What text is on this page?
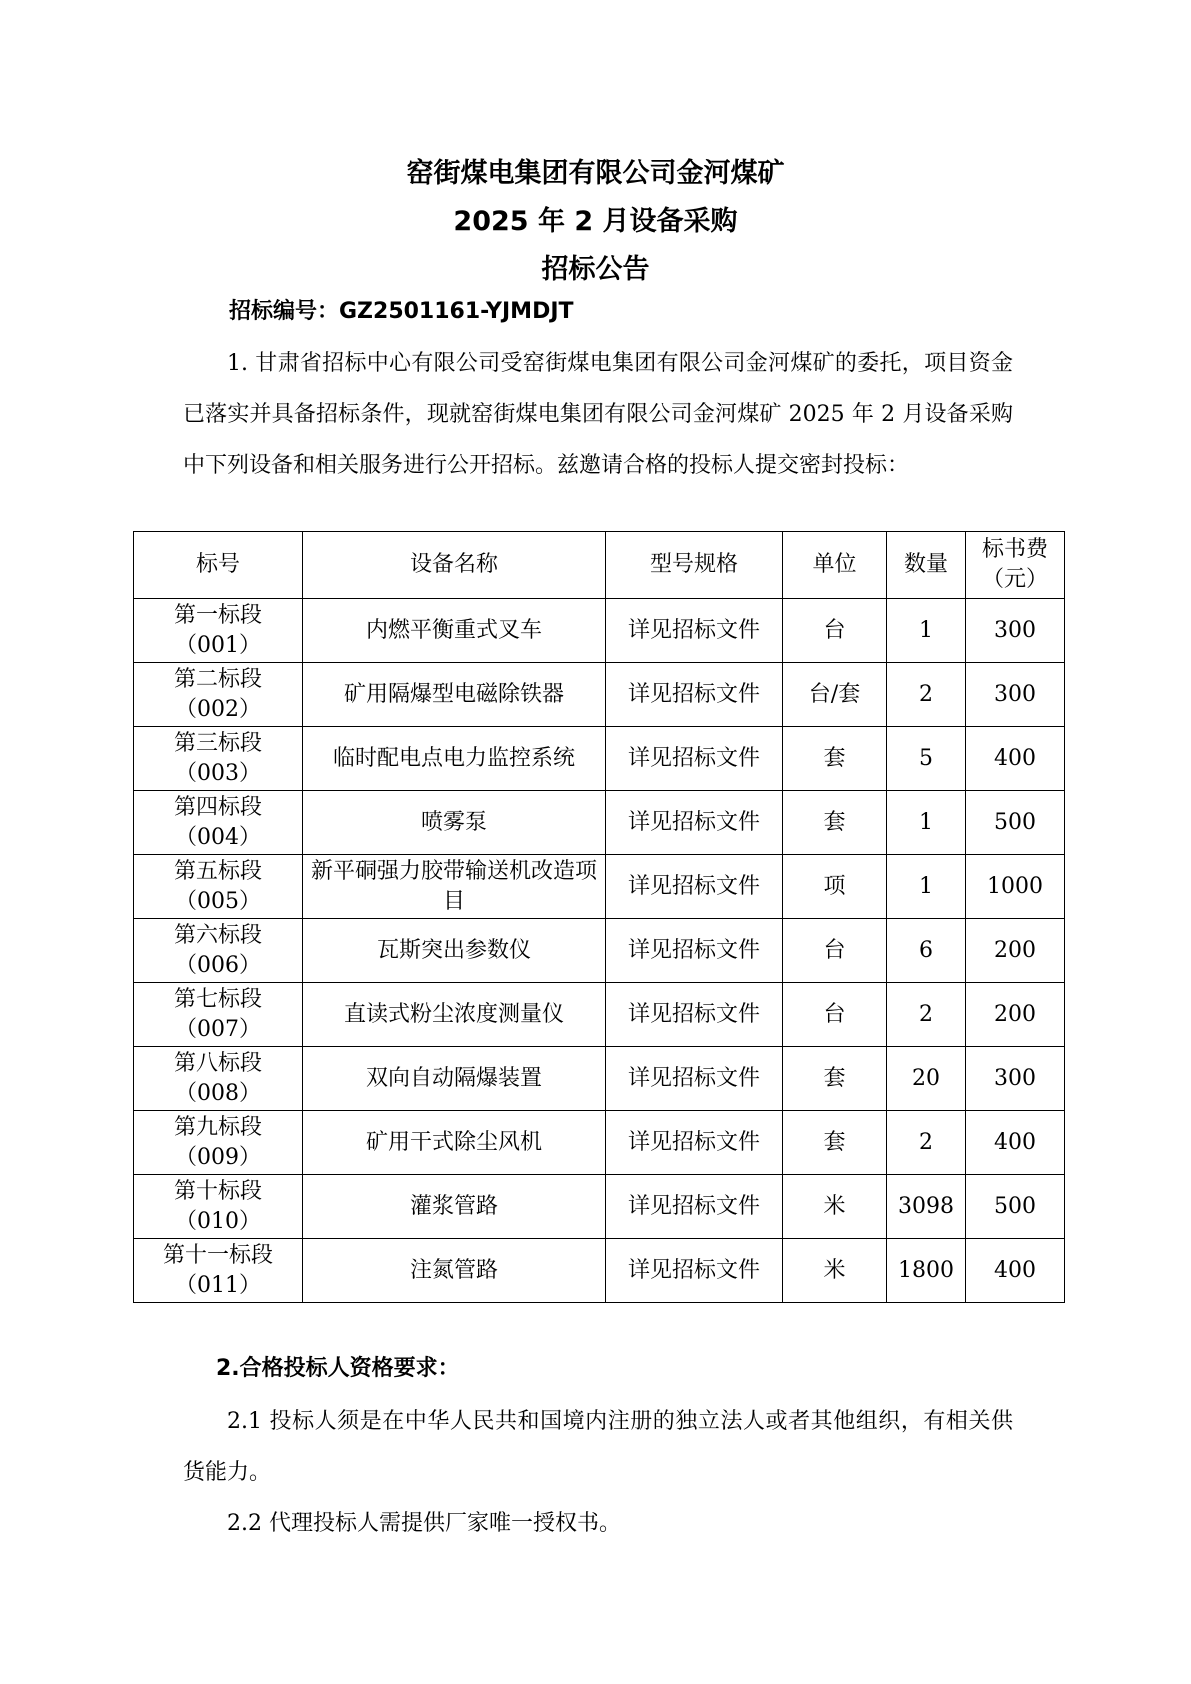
窑街煤电集团有限公司金河煤矿
2025 年 2 月设备采购
招标公告
招标编号：GZ2501161-YJMDJT
1. 甘肃省招标中心有限公司受窑街煤电集团有限公司金河煤矿的委托，项目资金已落实并具备招标条件，现就窑街煤电集团有限公司金河煤矿 2025 年 2 月设备采购中下列设备和相关服务进行公开招标。兹邀请合格的投标人提交密封投标：
标号	设备名称	型号规格	单位	数量	标书费（元）

第一标段
（001）	内燃平衡重式叉车	详见招标文件	台	1	300

第二标段
（002）	矿用隔爆型电磁除铁器	详见招标文件	台/套	2	300

第三标段
（003）	临时配电点电力监控系统	详见招标文件	套	5	400

第四标段
（004）	喷雾泵	详见招标文件	套	1	500

第五标段
（005）	新平硐强力胶带输送机改造项目	详见招标文件	项	1	1000

第六标段
（006）	瓦斯突出参数仪	详见招标文件	台	6	200

第七标段
（007）	直读式粉尘浓度测量仪	详见招标文件	台	2	200

第八标段
（008）	双向自动隔爆装置	详见招标文件	套	20	300

第九标段
（009）	矿用干式除尘风机	详见招标文件	套	2	400

第十标段
（010）	灌浆管路	详见招标文件	米	3098	500

第十一标段
（011）	注氮管路	详见招标文件	米	1800	400
2.合格投标人资格要求：
2.1 投标人须是在中华人民共和国境内注册的独立法人或者其他组织，有相关供货能力。
2.2 代理投标人需提供厂家唯一授权书。
